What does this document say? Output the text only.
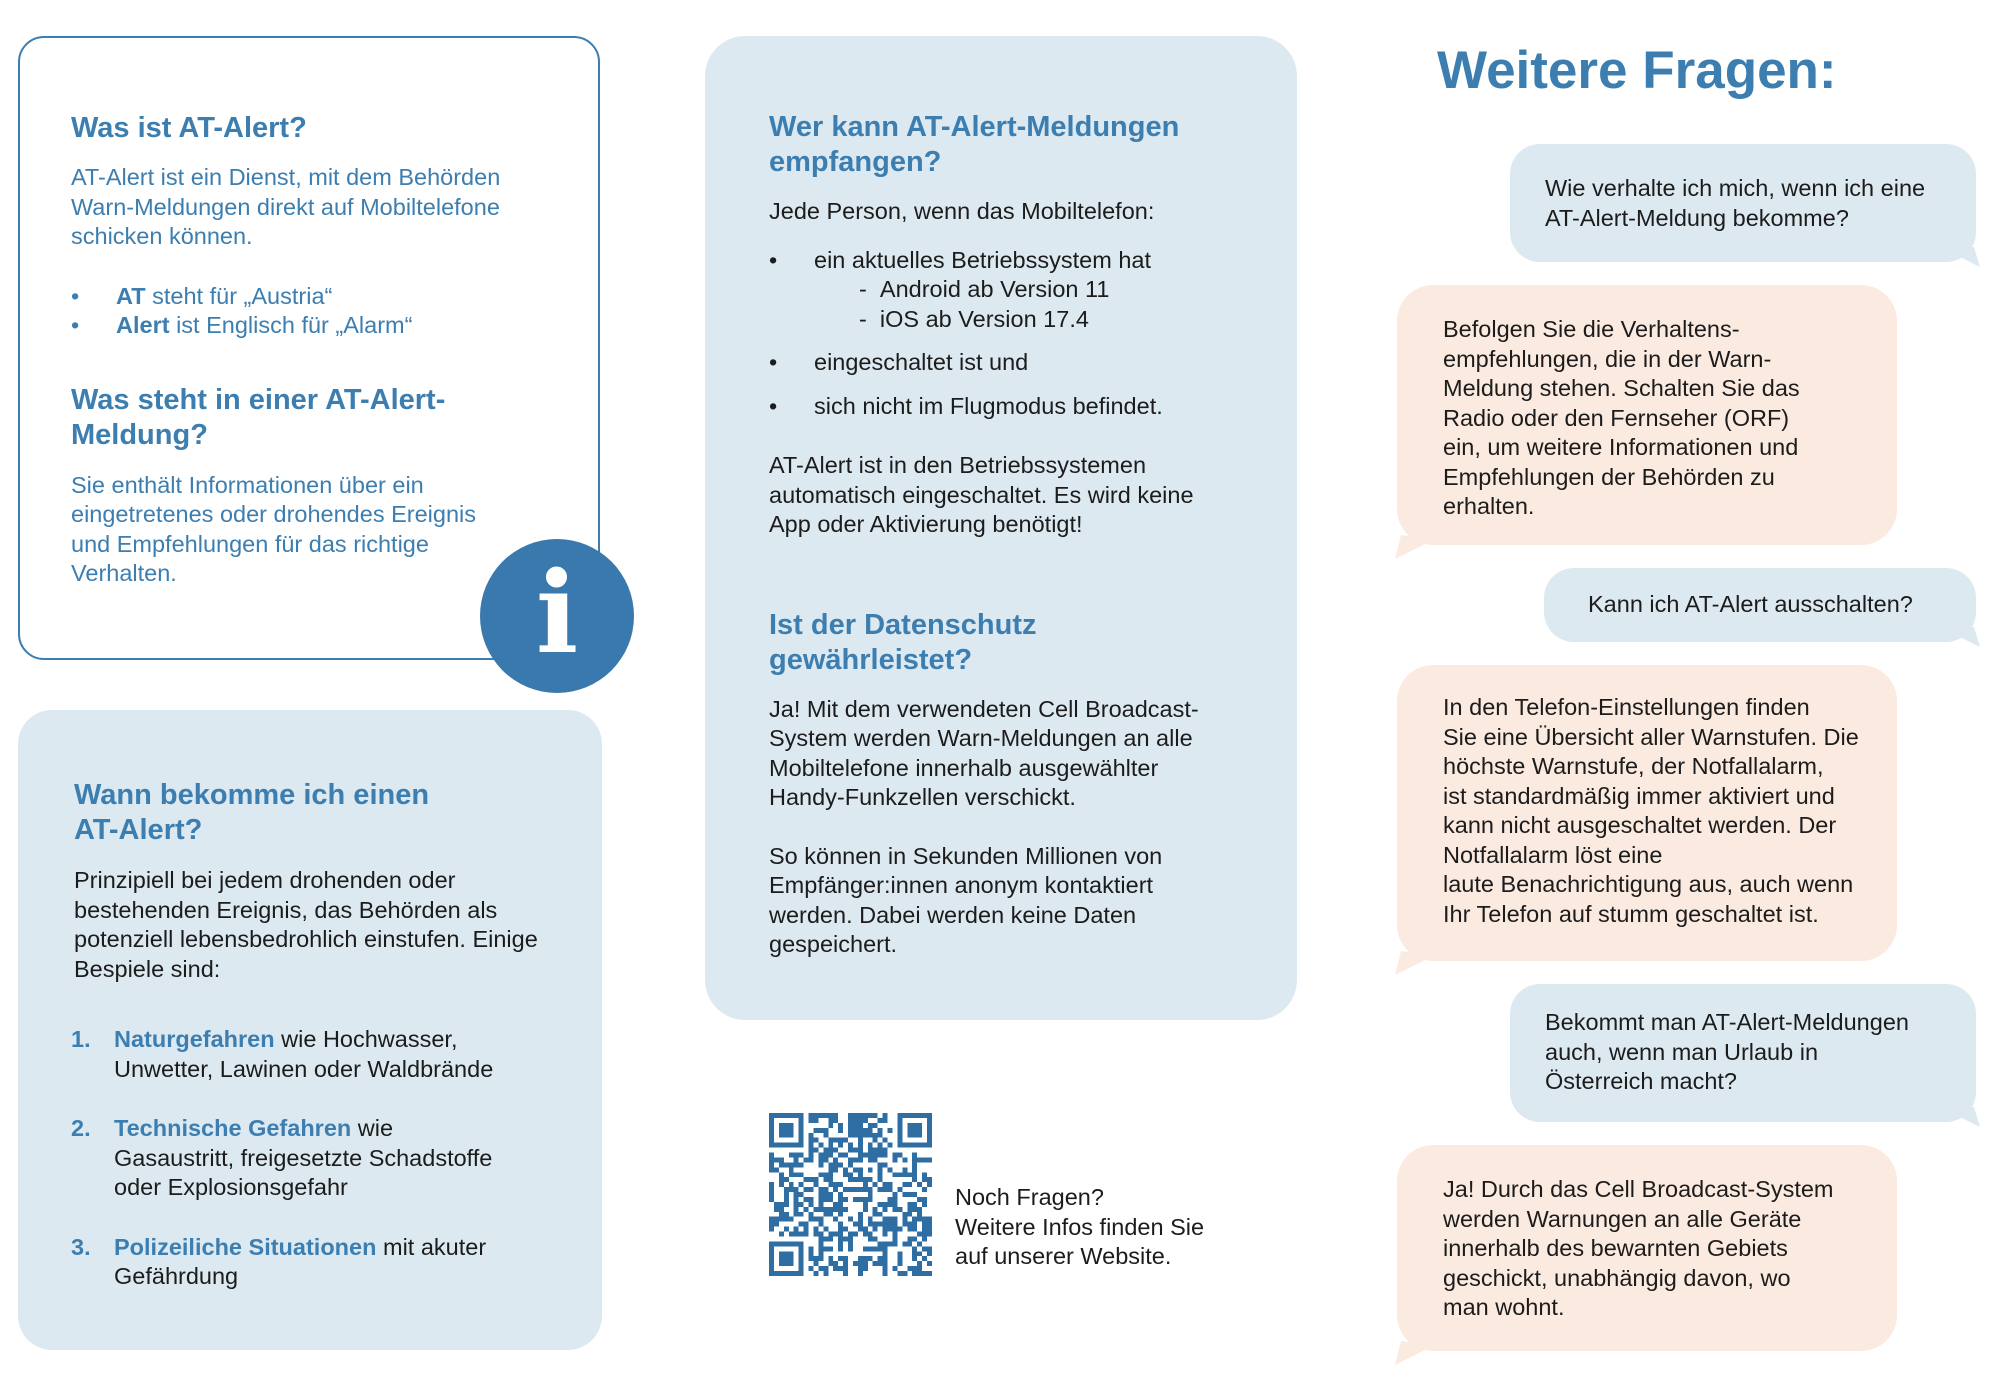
Was ist AT-Alert?

AT-Alert ist ein Dienst, mit dem Behörden

Warn-Meldungen direkt auf Mobiltelefone

schicken können.

• AT steht für „Austria“
• Alert ist Englisch für „Alarm“
Was steht in einer AT-Alert-
Meldung?

Sie enthält Informationen über ein

eingetretenes oder drohendes Ereignis

und Empfehlungen für das richtige

Verhalten.	i
Wann bekomme ich einen
AT-Alert?

Prinzipiell bei jedem drohenden oder

bestehenden Ereignis, das Behörden als

potenziell lebensbedrohlich einstufen. Einige

Bespiele sind:

1. Naturgefahren wie Hochwasser,
Unwetter, Lawinen oder Waldbrände
2. Technische Gefahren wie
Gasaustritt, freigesetzte Schadstoffe
oder Explosionsgefahr
3. Polizeiliche Situationen mit akuter
Gefährdung
Wer kann AT-Alert-Meldungen
empfangen?

Jede Person, wenn das Mobiltelefon:

• ein aktuelles Betriebssystem hat

-  Android ab Version 11

-  iOS ab Version 17.4

• eingeschaltet ist und
• sich nicht im Flugmodus befindet.

AT-Alert ist in den Betriebssystemen

automatisch eingeschaltet. Es wird keine

App oder Aktivierung benötigt!

Ist der Datenschutz
gewährleistet?

Ja! Mit dem verwendeten Cell Broadcast-

System werden Warn-Meldungen an alle

Mobiltelefone innerhalb ausgewählter

Handy-Funkzellen verschickt.

So können in Sekunden Millionen von

Empfänger:innen anonym kontaktiert

werden. Dabei werden keine Daten

gespeichert.

Noch Fragen?

Weitere Infos finden Sie

auf unserer Website.

Weitere Fragen:

Wie verhalte ich mich, wenn ich eine

AT-Alert-Meldung bekomme?

Befolgen Sie die Verhaltens-

empfehlungen, die in der Warn-

Meldung stehen. Schalten Sie das

Radio oder den Fernseher (ORF)

ein, um weitere Informationen und

Empfehlungen der Behörden zu

erhalten.

Kann ich AT-Alert ausschalten?

In den Telefon-Einstellungen finden

Sie eine Übersicht aller Warnstufen. Die

höchste Warnstufe, der Notfallalarm,

ist standardmäßig immer aktiviert und

kann nicht ausgeschaltet werden. Der

Notfallalarm löst eine

laute Benachrichtigung aus, auch wenn

Ihr Telefon auf stumm geschaltet ist.

Bekommt man AT-Alert-Meldungen

auch, wenn man Urlaub in

Österreich macht?

Ja! Durch das Cell Broadcast-System

werden Warnungen an alle Geräte

innerhalb des bewarnten Gebiets

geschickt, unabhängig davon, wo

man wohnt.
